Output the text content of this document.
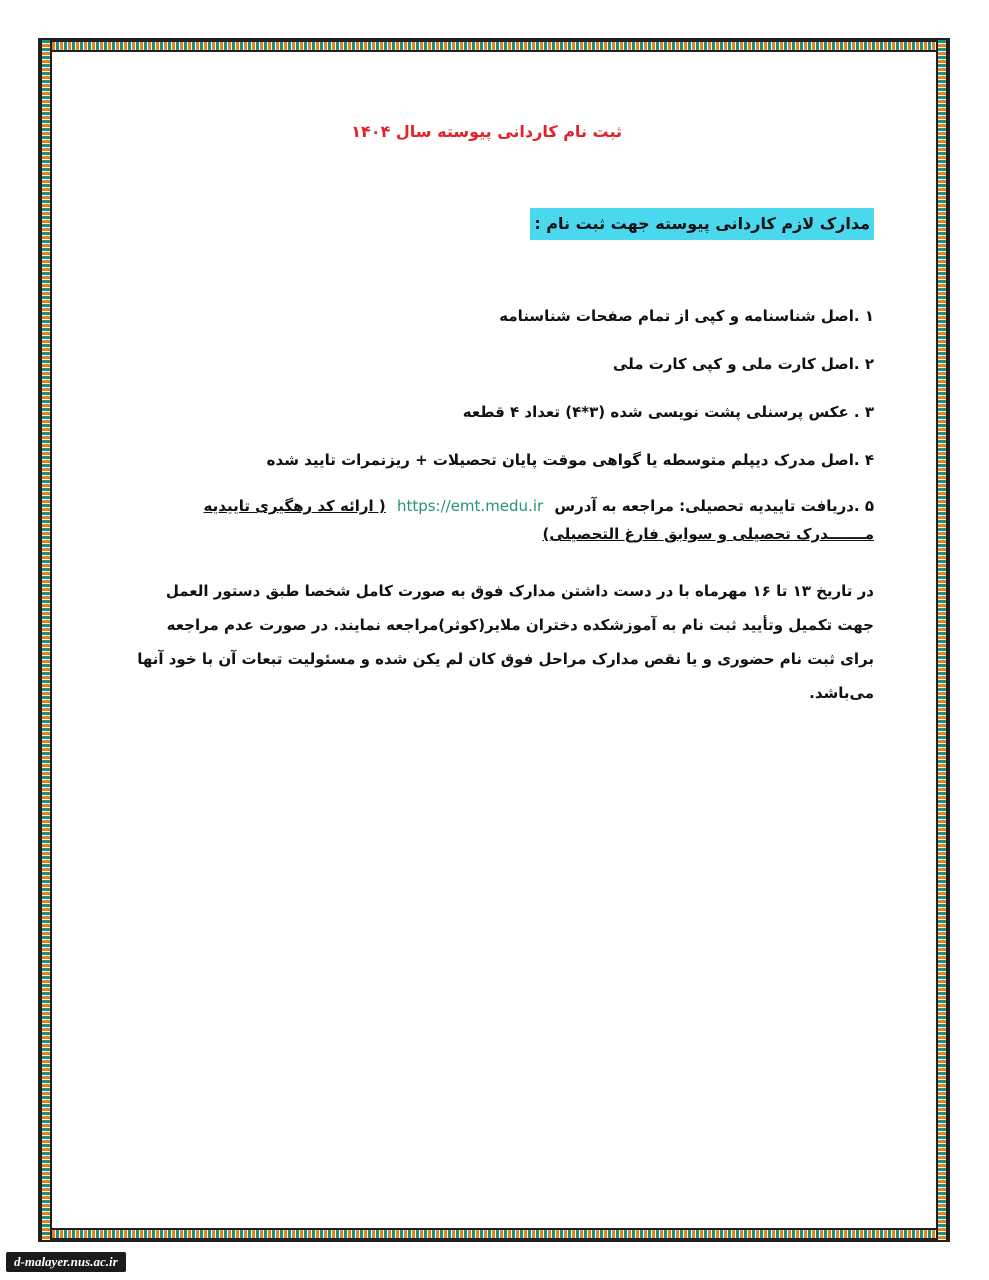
ثبت نام کاردانی پیوسته سال ۱۴۰۴
مدارک لازم کاردانی پیوسته جهت ثبت نام :
۱ .اصل شناسنامه و کپی از تمام صفحات شناسنامه
۲ .اصل کارت ملی و کپی کارت ملی
۳ . عکس پرسنلی پشت نویسی شده (۳*۴) تعداد ۴ قطعه
۴ .اصل مدرک دیپلم متوسطه یا گواهی موقت پایان تحصیلات + ریزنمرات تایید شده
۵ .دریافت تاییدیه تحصیلی: مراجعه به آدرس https://emt.medu.ir ( ارائه کد رهگیری تاییدیه مـــــــدرک تحصیلی و سوابق فارغ التحصیلی)

در تاریخ ۱۳ تا ۱۶ مهرماه با در دست داشتن مدارک فوق به صورت کامل شخصا طبق دستور العمل جهت تکمیل وتأیید ثبت نام به آموزشکده دختران ملایر(کوثر)مراجعه نمایند. در صورت عدم مراجعه برای ثبت نام حضوری و یا نقص مدارک مراحل فوق کان لم یکن شده و مسئولیت تبعات آن با خود آنها می‌باشد.

d-malayer.nus.ac.ir
